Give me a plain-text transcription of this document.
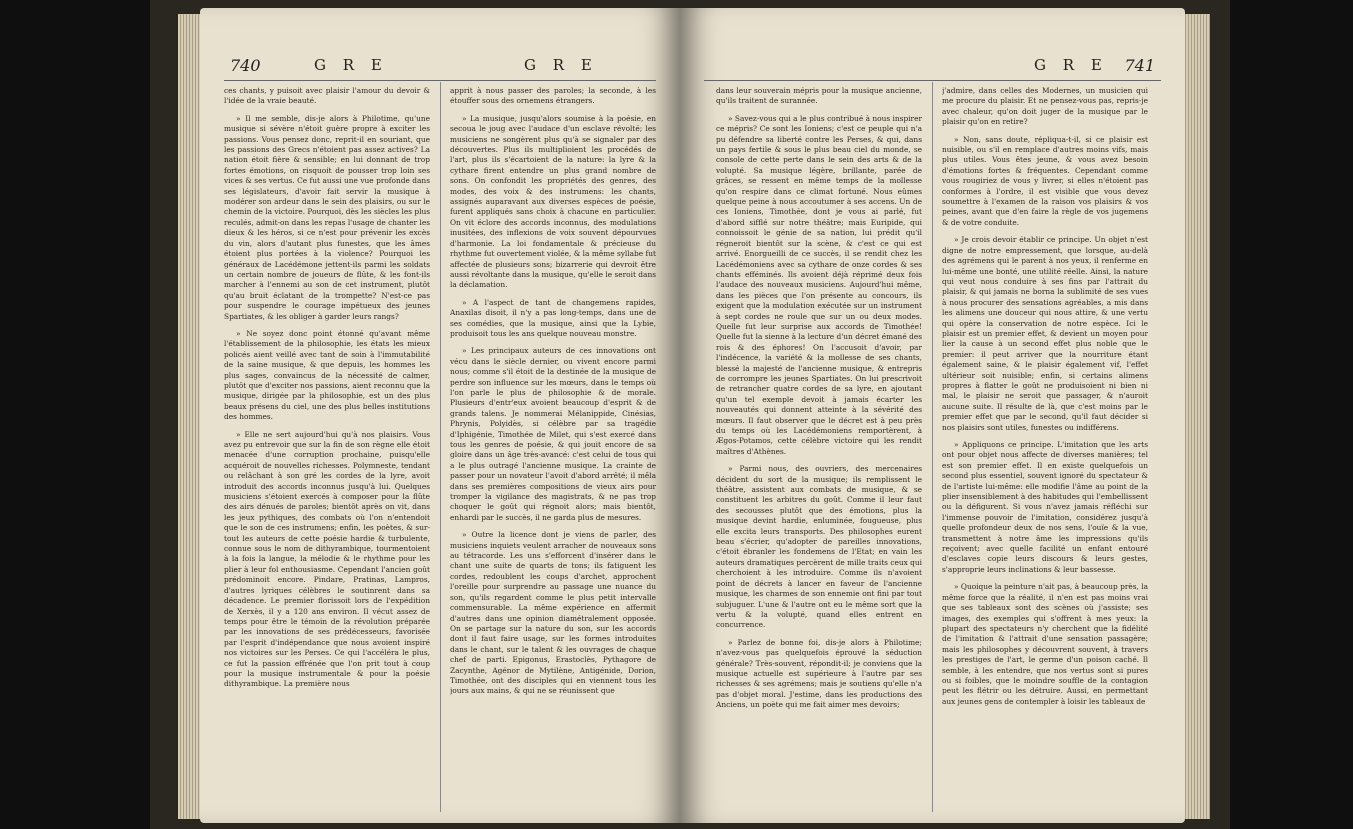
740	G R E	G R E

ces chants, y puisoit avec plaisir l'amour du devoir & l'idée de la vraie beauté.

» Il me semble, dis-je alors à Philotime, qu'une musique si sévère n'étoit guère propre à exciter les passions. Vous pensez donc, reprit-il en souriant, que les passions des Grecs n'étoient pas assez actives? La nation étoit fière & sensible; en lui donnant de trop fortes émotions, on risquoit de pousser trop loin ses vices & ses vertus. Ce fut aussi une vue profonde dans ses législateurs, d'avoir fait servir la musique à modérer son ardeur dans le sein des plaisirs, ou sur le chemin de la victoire. Pourquoi, dès les siècles les plus reculés, admit-on dans les repas l'usage de chanter les dieux & les héros, si ce n'est pour prévenir les excès du vin, alors d'autant plus funestes, que les âmes étoient plus portées à la violence? Pourquoi les généraux de Lacédémone jettent-ils parmi les soldats un certain nombre de joueurs de flûte, & les font-ils marcher à l'ennemi au son de cet instrument, plutôt qu'au bruit éclatant de la trompette? N'est-ce pas pour suspendre le courage impétueux des jeunes Spartiates, & les obliger à garder leurs rangs?

» Ne soyez donc point étonné qu'avant même l'établissement de la philosophie, les états les mieux policés aient veillé avec tant de soin à l'immutabilité de la saine musique, & que depuis, les hommes les plus sages, convaincus de la nécessité de calmer, plutôt que d'exciter nos passions, aient reconnu que la musique, dirigée par la philosophie, est un des plus beaux présens du ciel, une des plus belles institutions des hommes.

» Elle ne sert aujourd'hui qu'à nos plaisirs. Vous avez pu entrevoir que sur la fin de son règne elle étoit menacée d'une corruption prochaine, puisqu'elle acquéroit de nouvelles richesses. Polymneste, tendant ou relâchant à son gré les cordes de la lyre, avoit introduit des accords inconnus jusqu'à lui. Quelques musiciens s'étoient exercés à composer pour la flûte des airs dénués de paroles; bientôt après on vit, dans les jeux pythiques, des combats où l'on n'entendoit que le son de ces instrumens; enfin, les poètes, & sur-tout les auteurs de cette poésie hardie & turbulente, connue sous le nom de dithyrambique, tourmentoient à la fois la langue, la mélodie & le rhythme pour les plier à leur fol enthousiasme. Cependant l'ancien goût prédominoit encore. Pindare, Pratinas, Lampros, d'autres lyriques célèbres le soutinrent dans sa décadence. Le premier florissoit lors de l'expédition de Xerxès, il y a 120 ans environ. Il vécut assez de temps pour être le témoin de la révolution préparée par les innovations de ses prédécesseurs, favorisée par l'esprit d'indépendance que nous avoient inspiré nos victoires sur les Perses. Ce qui l'accéléra le plus, ce fut la passion effrénée que l'on prit tout à coup pour la musique instrumentale & pour la poésie dithyrambique. La première nous

apprit à nous passer des paroles; la seconde, à les étouffer sous des ornemens étrangers.

» La musique, jusqu'alors soumise à la poésie, en secoua le joug avec l'audace d'un esclave révolté; les musiciens ne songèrent plus qu'à se signaler par des découvertes. Plus ils multiplioient les procédés de l'art, plus ils s'écartoient de la nature: la lyre & la cythare firent entendre un plus grand nombre de sons. On confondit les propriétés des genres, des modes, des voix & des instrumens: les chants, assignés auparavant aux diverses espèces de poésie, furent appliqués sans choix à chacune en particulier. On vit éclore des accords inconnus, des modulations inusitées, des inflexions de voix souvent dépourvues d'harmonie. La loi fondamentale & précieuse du rhythme fut ouvertement violée, & la même syllabe fut affectée de plusieurs sons; bizarrerie qui devroit être aussi révoltante dans la musique, qu'elle le seroit dans la déclamation.

» A l'aspect de tant de changemens rapides, Anaxilas disoit, il n'y a pas long-temps, dans une de ses comédies, que la musique, ainsi que la Lybie, produisoit tous les ans quelque nouveau monstre.

» Les principaux auteurs de ces innovations ont vécu dans le siècle dernier, ou vivent encore parmi nous; comme s'il étoit de la destinée de la musique de perdre son influence sur les mœurs, dans le temps où l'on parle le plus de philosophie & de morale. Plusieurs d'entr'eux avoient beaucoup d'esprit & de grands talens. Je nommerai Mélanippide, Cinésias, Phrynis, Polyidès, si célèbre par sa tragédie d'Iphigénie, Timothée de Milet, qui s'est exercé dans tous les genres de poésie, & qui jouit encore de sa gloire dans un âge très-avancé: c'est celui de tous qui a le plus outragé l'ancienne musique. La crainte de passer pour un novateur l'avoit d'abord arrêté; il mêla dans ses premières compositions de vieux airs pour tromper la vigilance des magistrats, & ne pas trop choquer le goût qui régnoit alors; mais bientôt, enhardi par le succès, il ne garda plus de mesures.

» Outre la licence dont je viens de parler, des musiciens inquiets veulent arracher de nouveaux sons au tétracorde. Les uns s'efforcent d'insérer dans le chant une suite de quarts de tons; ils fatiguent les cordes, redoublent les coups d'archet, approchent l'oreille pour surprendre au passage une nuance du son, qu'ils regardent comme le plus petit intervalle commensurable. La même expérience en affermit d'autres dans une opinion diamétralement opposée. On se partage sur la nature du son, sur les accords dont il faut faire usage, sur les formes introduites dans le chant, sur le talent & les ouvrages de chaque chef de parti. Epigonus, Erastoclès, Pythagore de Zacynthe, Agénor de Mytilène, Antigénide, Dorion, Timothée, ont des disciples qui en viennent tous les jours aux mains, & qui ne se réunissent que

G R E 741

dans leur souverain mépris pour la musique ancienne, qu'ils traitent de surannée.

» Savez-vous qui a le plus contribué à nous inspirer ce mépris? Ce sont les Ioniens; c'est ce peuple qui n'a pu défendre sa liberté contre les Perses, & qui, dans un pays fertile & sous le plus beau ciel du monde, se console de cette perte dans le sein des arts & de la volupté. Sa musique légère, brillante, parée de grâces, se ressent en même temps de la mollesse qu'on respire dans ce climat fortuné. Nous eûmes quelque peine à nous accoutumer à ses accens. Un de ces Ioniens, Timothée, dont je vous ai parlé, fut d'abord sifflé sur notre théâtre; mais Euripide, qui connoissoit le génie de sa nation, lui prédit qu'il régneroit bientôt sur la scène, & c'est ce qui est arrivé. Enorgueilli de ce succès, il se rendit chez les Lacédémoniens avec sa cythare de onze cordes & ses chants efféminés. Ils avoient déjà réprimé deux fois l'audace des nouveaux musiciens. Aujourd'hui même, dans les pièces que l'on présente au concours, ils exigent que la modulation exécutée sur un instrument à sept cordes ne roule que sur un ou deux modes. Quelle fut leur surprise aux accords de Timothée! Quelle fut la sienne à la lecture d'un décret émané des rois & des éphores! On l'accusoit d'avoir, par l'indécence, la variété & la mollesse de ses chants, blessé la majesté de l'ancienne musique, & entrepris de corrompre les jeunes Spartiates. On lui prescrivoit de retrancher quatre cordes de sa lyre, en ajoutant qu'un tel exemple devoit à jamais écarter les nouveautés qui donnent atteinte à la sévérité des mœurs. Il faut observer que le décret est à peu près du temps où les Lacédémoniens remportèrent, à Ægos-Potamos, cette célèbre victoire qui les rendit maîtres d'Athènes.

» Parmi nous, des ouvriers, des mercenaires décident du sort de la musique; ils remplissent le théâtre, assistent aux combats de musique, & se constituent les arbitres du goût. Comme il leur faut des secousses plutôt que des émotions, plus la musique devint hardie, enluminée, fougueuse, plus elle excita leurs transports. Des philosophes eurent beau s'écrier, qu'adopter de pareilles innovations, c'étoit ébranler les fondemens de l'Etat; en vain les auteurs dramatiques percèrent de mille traits ceux qui cherchoient à les introduire. Comme ils n'avoient point de décrets à lancer en faveur de l'ancienne musique, les charmes de son ennemie ont fini par tout subjuguer. L'une & l'autre ont eu le même sort que la vertu & la volupté, quand elles entrent en concurrence.

» Parlez de bonne foi, dis-je alors à Philotime; n'avez-vous pas quelquefois éprouvé la séduction générale? Très-souvent, répondit-il; je conviens que la musique actuelle est supérieure à l'autre par ses richesses & ses agrémens; mais je soutiens qu'elle n'a pas d'objet moral. J'estime, dans les productions des Anciens, un poète qui me fait aimer mes devoirs;

j'admire, dans celles des Modernes, un musicien qui me procure du plaisir. Et ne pensez-vous pas, repris-je avec chaleur, qu'on doit juger de la musique par le plaisir qu'on en retire?

» Non, sans doute, répliqua-t-il, si ce plaisir est nuisible, ou s'il en remplace d'autres moins vifs, mais plus utiles. Vous êtes jeune, & vous avez besoin d'émotions fortes & fréquentes. Cependant comme vous rougiriez de vous y livrer, si elles n'étoient pas conformes à l'ordre, il est visible que vous devez soumettre à l'examen de la raison vos plaisirs & vos peines, avant que d'en faire la règle de vos jugemens & de votre conduite.

» Je crois devoir établir ce principe. Un objet n'est digne de notre empressement, que lorsque, au-delà des agrémens qui le parent à nos yeux, il renferme en lui-même une bonté, une utilité réelle. Ainsi, la nature qui veut nous conduire à ses fins par l'attrait du plaisir, & qui jamais ne borna la sublimité de ses vues à nous procurer des sensations agréables, a mis dans les alimens une douceur qui nous attire, & une vertu qui opère la conservation de notre espèce. Ici le plaisir est un premier effet, & devient un moyen pour lier la cause à un second effet plus noble que le premier: il peut arriver que la nourriture étant également saine, & le plaisir également vif, l'effet ultérieur soit nuisible; enfin, si certains alimens propres à flatter le goût ne produisoient ni bien ni mal, le plaisir ne seroit que passager, & n'auroit aucune suite. Il résulte de là, que c'est moins par le premier effet que par le second, qu'il faut décider si nos plaisirs sont utiles, funestes ou indifférens.

» Appliquons ce principe. L'imitation que les arts ont pour objet nous affecte de diverses manières; tel est son premier effet. Il en existe quelquefois un second plus essentiel, souvent ignoré du spectateur & de l'artiste lui-même: elle modifie l'âme au point de la plier insensiblement à des habitudes qui l'embellissent ou la défigurent. Si vous n'avez jamais réfléchi sur l'immense pouvoir de l'imitation, considérez jusqu'à quelle profondeur deux de nos sens, l'ouïe & la vue, transmettent à notre âme les impressions qu'ils reçoivent; avec quelle facilité un enfant entouré d'esclaves copie leurs discours & leurs gestes, s'approprie leurs inclinations & leur bassesse.

» Quoique la peinture n'ait pas, à beaucoup près, la même force que la réalité, il n'en est pas moins vrai que ses tableaux sont des scènes où j'assiste; ses images, des exemples qui s'offrent à mes yeux: la plupart des spectateurs n'y cherchent que la fidélité de l'imitation & l'attrait d'une sensation passagère; mais les philosophes y découvrent souvent, à travers les prestiges de l'art, le germe d'un poison caché. Il semble, à les entendre, que nos vertus sont si pures ou si foibles, que le moindre souffle de la contagion peut les flétrir ou les détruire. Aussi, en permettant aux jeunes gens de contempler à loisir les tableaux de
